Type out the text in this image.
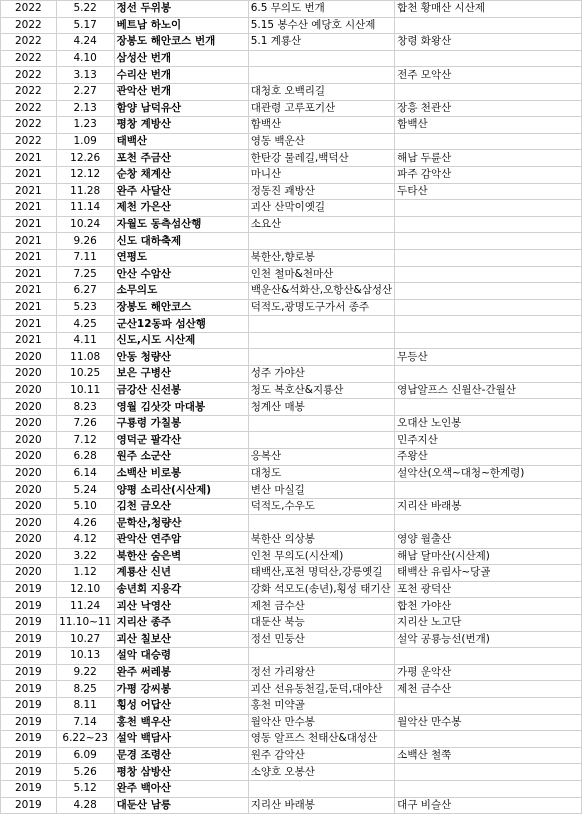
2022	5.22	정선 두위봉	6.5 무의도 번개	합천 황매산 시산제
2022	5.17	베트남 하노이	5.15 봉수산 예당호 시산제	
2022	4.24	장봉도 해안코스 번개	5.1 계룡산	창령 화왕산
2022	4.10	삼성산 번개		
2022	3.13	수리산 번개		전주 모악산
2022	2.27	관악산 번개	대청호 오백리길	
2022	2.13	함양 남덕유산	대관령 고루포기산	장흥 천관산
2022	1.23	평창 계방산	함백산	함백산
2022	1.09	태백산	영동 백운산	
2021	12.26	포천 주금산	한탄강 물레길,백덕산	해남 두륜산
2021	12.12	순창 채계산	마니산	파주 감악산
2021	11.28	완주 사달산	정동진 괘방산	두타산
2021	11.14	제천 가은산	괴산 산막이옛길	
2021	10.24	자월도 동측섬산행	소요산	
2021	9.26	신도 대하축제		
2021	7.11	연평도	북한산,향로봉	
2021	7.25	안산 수암산	인천 철마&천마산	
2021	6.27	소무의도	백운산&석화산,오항산&삼성산	
2021	5.23	장봉도 해안코스	덕적도,광명도구가서 종주	
2021	4.25	군산12동파 섬산행		
2021	4.11	신도,시도 시산제		
2020	11.08	안동 청량산		무등산
2020	10.25	보은 구병산	성주 가야산	
2020	10.11	금강산 신선봉	청도 복호산&지룡산	영남알프스 신월산-간월산
2020	8.23	영월 김삿갓 마대봉	청계산 매봉	
2020	7.26	구룡령 가칠봉		오대산 노인봉
2020	7.12	영덕군 팔각산		민주지산
2020	6.28	원주 소군산	응복산	주왕산
2020	6.14	소백산 비로봉	대청도	설악산(오색~대청~한계령)
2020	5.24	양평 소리산(시산제)	변산 마실길	
2020	5.10	김천 금오산	덕적도,수우도	지리산 바래봉
2020	4.26	문학산,청량산		
2020	4.12	관악산 연주암	북한산 의상봉	영양 월출산
2020	3.22	북한산 숨은벽	인천 무의도(시산제)	해남 달마산(시산제)
2020	1.12	계룡산 신년	태백산,포천 명덕산,강릉옛길	태백산 유림사~당골
2019	12.10	송년회 지응각	강화 석모도(송년),횡성 태기산	포천 광덕산
2019	11.24	괴산 낙영산	제천 금수산	합천 가야산
2019	11.10~11	지리산 종주	대둔산 북능	지리산 노고단
2019	10.27	괴산 칠보산	정선 민둥산	설악 공룡능선(번개)
2019	10.13	설악 대승령		
2019	9.22	완주 써레봉	정선 가리왕산	가평 운악산
2019	8.25	가평 강씨봉	괴산 선유동천길,둔덕,대야산	제천 금수산
2019	8.11	횡성 어답산	홍천 미약골	
2019	7.14	홍천 백우산	월악산 만수봉	월악산 만수봉
2019	6.22~23	설악 백담사	영동 알프스 천태산&대성산	
2019	6.09	문경 조령산	원주 감악산	소백산 철쭉
2019	5.26	평창 삼방산	소양호 오봉산	
2019	5.12	완주 백아산		
2019	4.28	대둔산 남릉	지리산 바래봉	대구 비슬산
